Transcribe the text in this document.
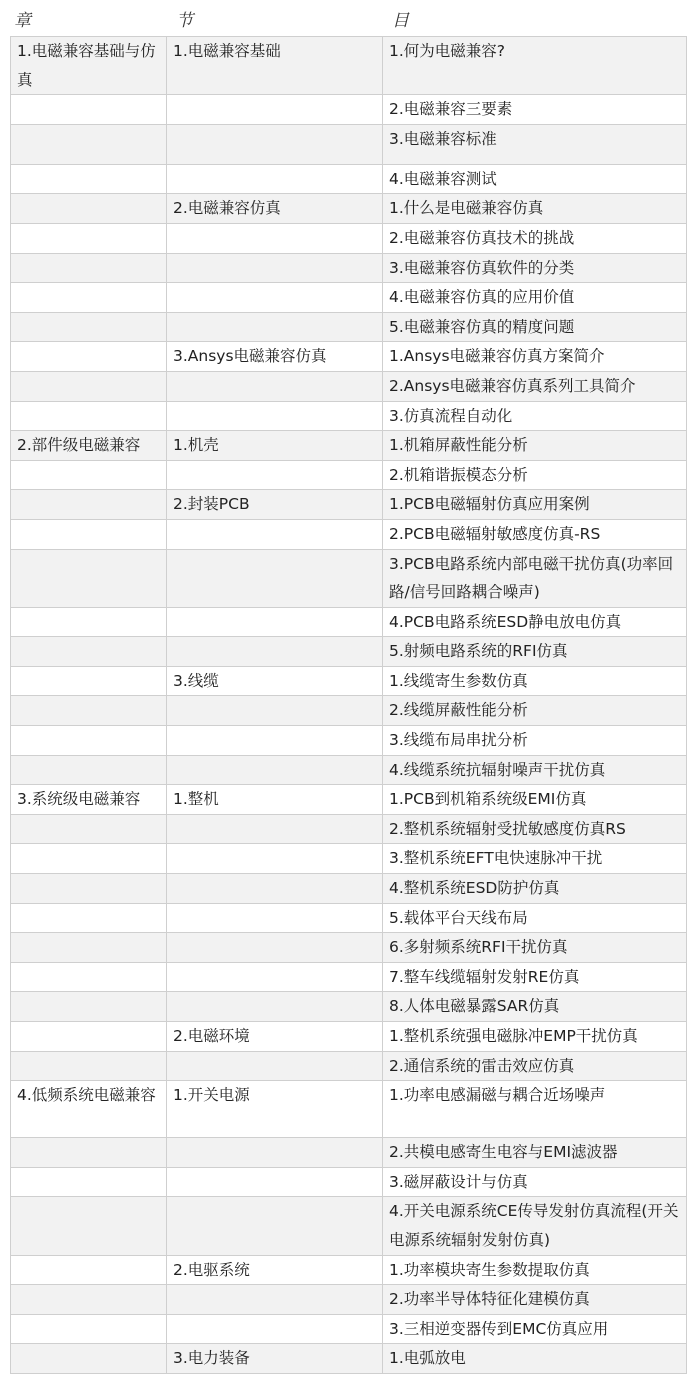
章	节	目
1.电磁兼容基础与仿真	1.电磁兼容基础	1.何为电磁兼容?
		2.电磁兼容三要素
		3.电磁兼容标准
		4.电磁兼容测试
	2.电磁兼容仿真	1.什么是电磁兼容仿真
		2.电磁兼容仿真技术的挑战
		3.电磁兼容仿真软件的分类
		4.电磁兼容仿真的应用价值
		5.电磁兼容仿真的精度问题
	3.Ansys电磁兼容仿真	1.Ansys电磁兼容仿真方案简介
		2.Ansys电磁兼容仿真系列工具简介
		3.仿真流程自动化
2.部件级电磁兼容	1.机壳	1.机箱屏蔽性能分析
		2.机箱谐振模态分析
	2.封装PCB	1.PCB电磁辐射仿真应用案例
		2.PCB电磁辐射敏感度仿真-RS
		3.PCB电路系统内部电磁干扰仿真(功率回路/信号回路耦合噪声)
		4.PCB电路系统ESD静电放电仿真
		5.射频电路系统的RFI仿真
	3.线缆	1.线缆寄生参数仿真
		2.线缆屏蔽性能分析
		3.线缆布局串扰分析
		4.线缆系统抗辐射噪声干扰仿真
3.系统级电磁兼容	1.整机	1.PCB到机箱系统级EMI仿真
		2.整机系统辐射受扰敏感度仿真RS
		3.整机系统EFT电快速脉冲干扰
		4.整机系统ESD防护仿真
		5.载体平台天线布局
		6.多射频系统RFI干扰仿真
		7.整车线缆辐射发射RE仿真
		8.人体电磁暴露SAR仿真
	2.电磁环境	1.整机系统强电磁脉冲EMP干扰仿真
		2.通信系统的雷击效应仿真
4.低频系统电磁兼容	1.开关电源	1.功率电感漏磁与耦合近场噪声
		2.共模电感寄生电容与EMI滤波器
		3.磁屏蔽设计与仿真
		4.开关电源系统CE传导发射仿真流程(开关电源系统辐射发射仿真)
	2.电驱系统	1.功率模块寄生参数提取仿真
		2.功率半导体特征化建模仿真
		3.三相逆变器传到EMC仿真应用
	3.电力装备	1.电弧放电
